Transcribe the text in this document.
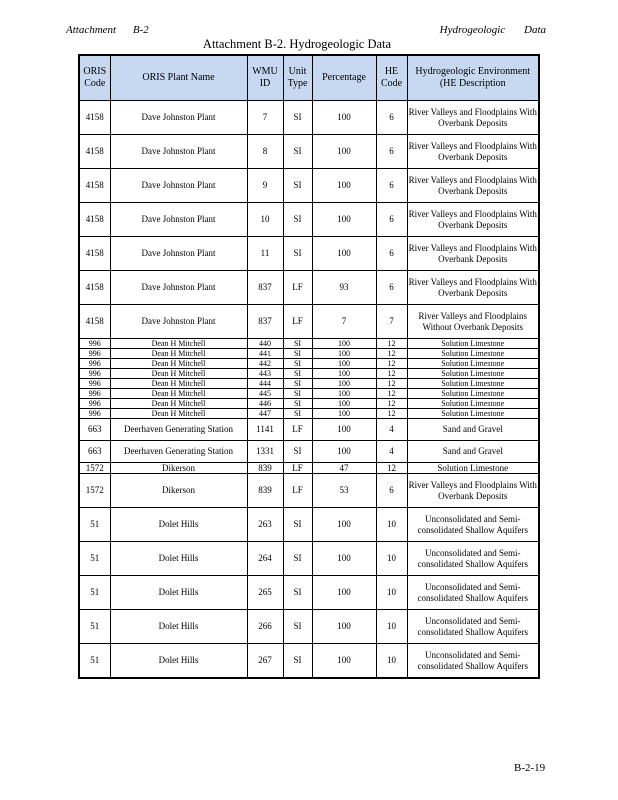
Attachment B-2	Hydrogeologic Data
Attachment B-2. Hydrogeologic Data
ORIS Code	ORIS Plant Name	WMU ID	Unit Type	Percentage	HE Code	Hydrogeologic Environment (HE Description
4158	Dave Johnston Plant	7	SI	100	6	River Valleys and Floodplains With Overbank Deposits
4158	Dave Johnston Plant	8	SI	100	6	River Valleys and Floodplains With Overbank Deposits
4158	Dave Johnston Plant	9	SI	100	6	River Valleys and Floodplains With Overbank Deposits
4158	Dave Johnston Plant	10	SI	100	6	River Valleys and Floodplains With Overbank Deposits
4158	Dave Johnston Plant	11	SI	100	6	River Valleys and Floodplains With Overbank Deposits
4158	Dave Johnston Plant	837	LF	93	6	River Valleys and Floodplains With Overbank Deposits
4158	Dave Johnston Plant	837	LF	7	7	River Valleys and Floodplains Without Overbank Deposits
996	Dean H Mitchell	440	SI	100	12	Solution Limestone
996	Dean H Mitchell	441	SI	100	12	Solution Limestone
996	Dean H Mitchell	442	SI	100	12	Solution Limestone
996	Dean H Mitchell	443	SI	100	12	Solution Limestone
996	Dean H Mitchell	444	SI	100	12	Solution Limestone
996	Dean H Mitchell	445	SI	100	12	Solution Limestone
996	Dean H Mitchell	446	SI	100	12	Solution Limestone
996	Dean H Mitchell	447	SI	100	12	Solution Limestone
663	Deerhaven Generating Station	1141	LF	100	4	Sand and Gravel
663	Deerhaven Generating Station	1331	SI	100	4	Sand and Gravel
1572	Dikerson	839	LF	47	12	Solution Limestone
1572	Dikerson	839	LF	53	6	River Valleys and Floodplains With Overbank Deposits
51	Dolet Hills	263	SI	100	10	Unconsolidated and Semi-consolidated Shallow Aquifers
51	Dolet Hills	264	SI	100	10	Unconsolidated and Semi-consolidated Shallow Aquifers
51	Dolet Hills	265	SI	100	10	Unconsolidated and Semi-consolidated Shallow Aquifers
51	Dolet Hills	266	SI	100	10	Unconsolidated and Semi-consolidated Shallow Aquifers
51	Dolet Hills	267	SI	100	10	Unconsolidated and Semi-consolidated Shallow Aquifers
B-2-19
